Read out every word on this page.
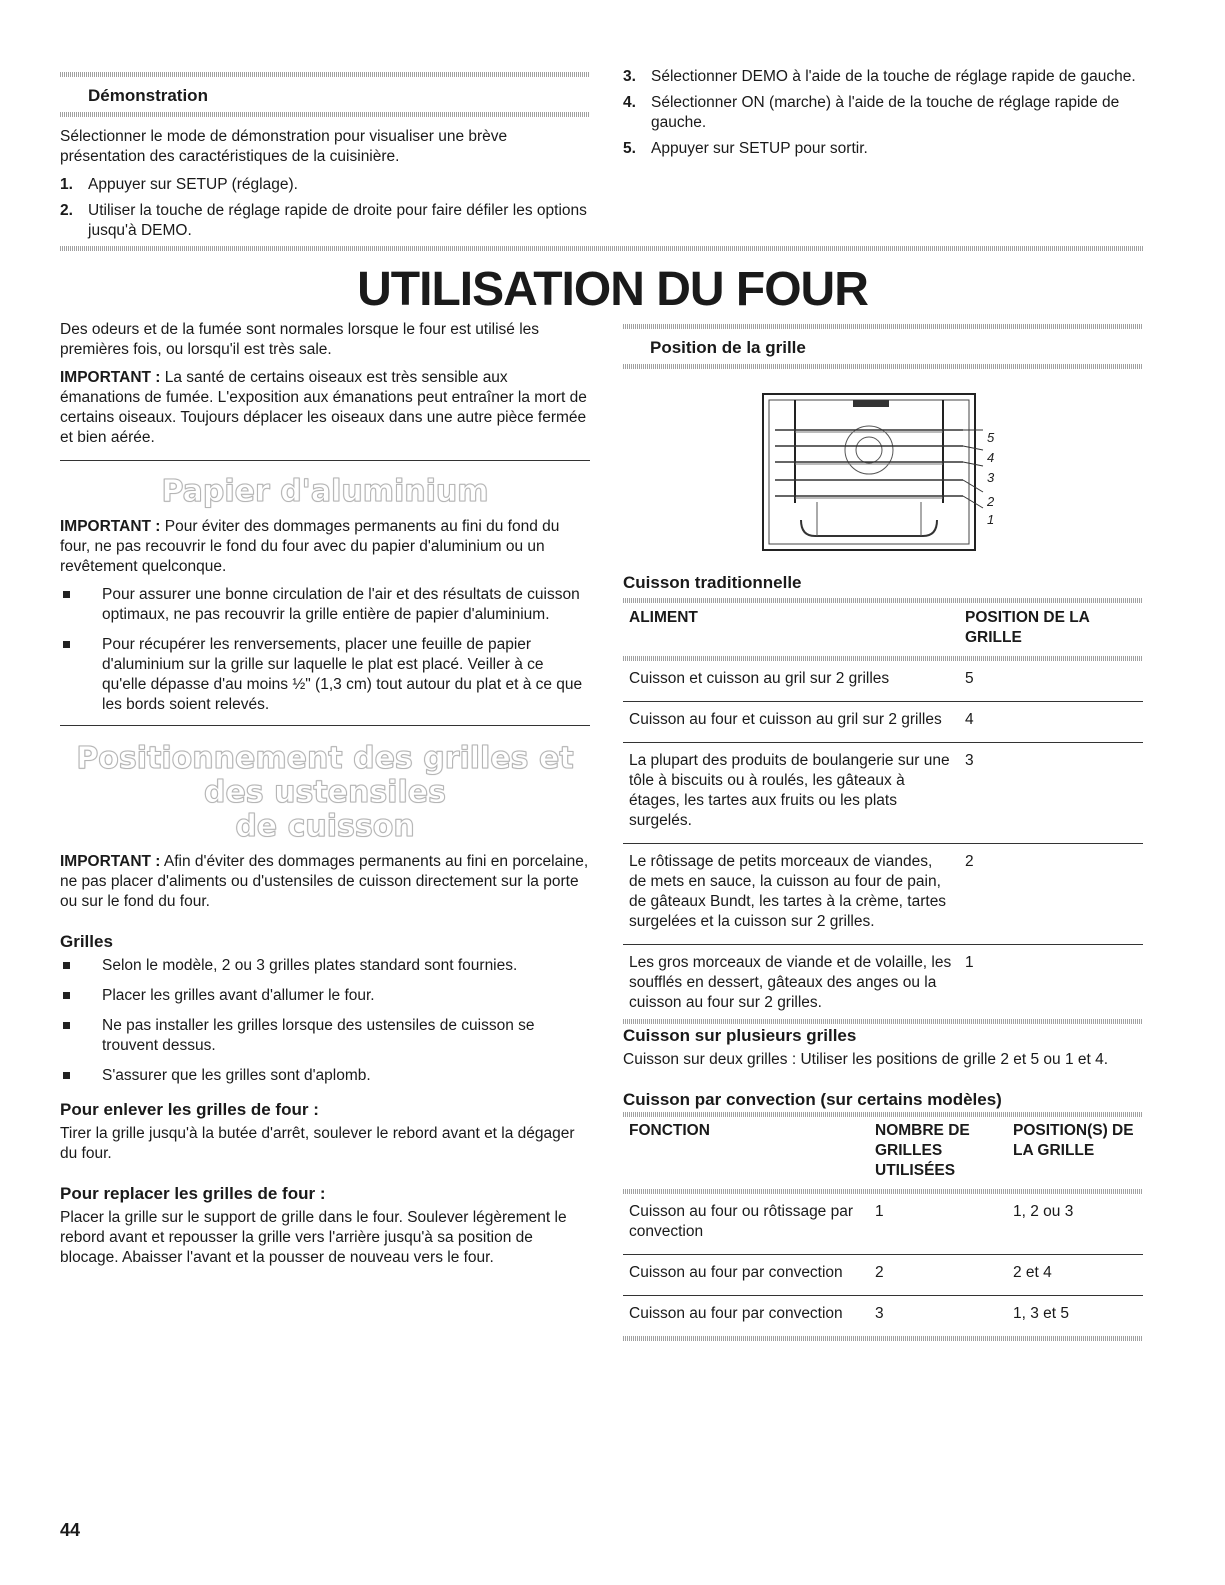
Démonstration

Sélectionner le mode de démonstration pour visualiser une brève présentation des caractéristiques de la cuisinière.

1. Appuyer sur SETUP (réglage).
2. Utiliser la touche de réglage rapide de droite pour faire défiler les options jusqu'à DEMO.
3. Sélectionner DEMO à l'aide de la touche de réglage rapide de gauche.
4. Sélectionner ON (marche) à l'aide de la touche de réglage rapide de gauche.
5. Appuyer sur SETUP pour sortir.
UTILISATION DU FOUR

Des odeurs et de la fumée sont normales lorsque le four est utilisé les premières fois, ou lorsqu'il est très sale.

IMPORTANT : La santé de certains oiseaux est très sensible aux émanations de fumée. L'exposition aux émanations peut entraîner la mort de certains oiseaux. Toujours déplacer les oiseaux dans une autre pièce fermée et bien aérée.

Papier d'aluminium

IMPORTANT : Pour éviter des dommages permanents au fini du fond du four, ne pas recouvrir le fond du four avec du papier d'aluminium ou un revêtement quelconque.

Pour assurer une bonne circulation de l'air et des résultats de cuisson optimaux, ne pas recouvrir la grille entière de papier d'aluminium.
Pour récupérer les renversements, placer une feuille de papier d'aluminium sur la grille sur laquelle le plat est placé. Veiller à ce qu'elle dépasse d'au moins ½" (1,3 cm) tout autour du plat et à ce que les bords soient relevés.
Positionnement des grilles et des ustensiles
de cuisson

IMPORTANT : Afin d'éviter des dommages permanents au fini en porcelaine, ne pas placer d'aliments ou d'ustensiles de cuisson directement sur la porte ou sur le fond du four.

Grilles
Selon le modèle, 2 ou 3 grilles plates standard sont fournies.
Placer les grilles avant d'allumer le four.
Ne pas installer les grilles lorsque des ustensiles de cuisson se trouvent dessus.
S'assurer que les grilles sont d'aplomb.
Pour enlever les grilles de four :

Tirer la grille jusqu'à la butée d'arrêt, soulever le rebord avant et la dégager du four.

Pour replacer les grilles de four :

Placer la grille sur le support de grille dans le four. Soulever légèrement le rebord avant et repousser la grille vers l'arrière jusqu'à sa position de blocage. Abaisser l'avant et la pousser de nouveau vers le four.

Position de la grille
5
4
3
2
1
Cuisson traditionnelle
ALIMENT	POSITION DE LA GRILLE

Cuisson et cuisson au gril sur 2 grilles	5
Cuisson au four et cuisson au gril sur 2 grilles	4
La plupart des produits de boulangerie sur une tôle à biscuits ou à roulés, les gâteaux à étages, les tartes aux fruits ou les plats surgelés.	3
Le rôtissage de petits morceaux de viandes, de mets en sauce, la cuisson au four de pain, de gâteaux Bundt, les tartes à la crème, tartes surgelées et la cuisson sur 2 grilles.	2
Les gros morceaux de viande et de volaille, les soufflés en dessert, gâteaux des anges ou la cuisson au four sur 2 grilles.	1

Cuisson sur plusieurs grilles

Cuisson sur deux grilles : Utiliser les positions de grille 2 et 5 ou 1 et 4.

Cuisson par convection (sur certains modèles)
FONCTION	NOMBRE DE GRILLES UTILISÉES	POSITION(S) DE LA GRILLE

Cuisson au four ou rôtissage par convection	1	1, 2 ou 3
Cuisson au four par convection	2	2 et 4
Cuisson au four par convection	3	1, 3 et 5

44
